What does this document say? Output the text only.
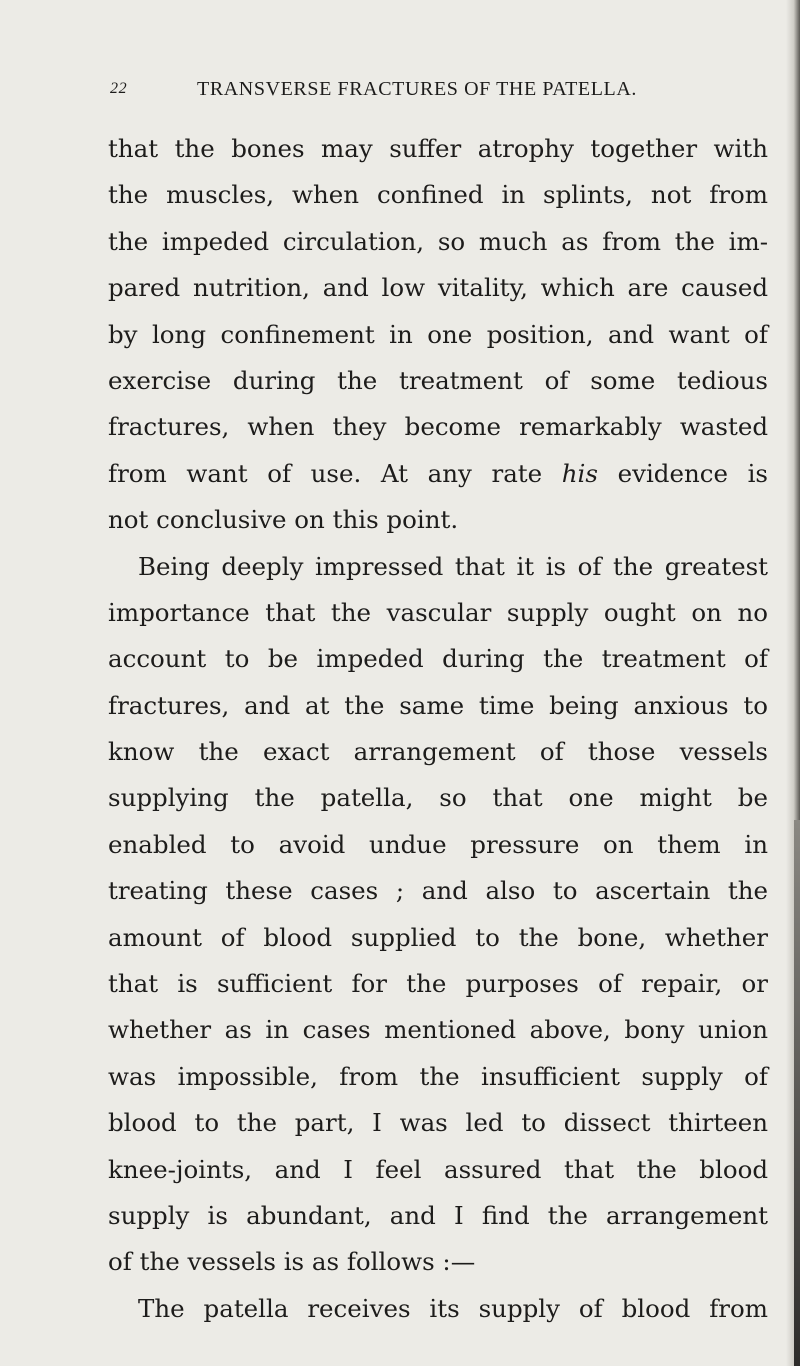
22	TRANSVERSE FRACTURES OF THE PATELLA.
that the bones may suffer atrophy together with
the muscles, when confined in splints, not from
the impeded circulation, so much as from the im-
pared nutrition, and low vitality, which are caused
by long confinement in one position, and want of
exercise during the treatment of some tedious
fractures, when they become remarkably wasted
from want of use. At any rate his evidence is
not conclusive on this point.
Being deeply impressed that it is of the greatest
importance that the vascular supply ought on no
account to be impeded during the treatment of
fractures, and at the same time being anxious to
know the exact arrangement of those vessels
supplying the patella, so that one might be
enabled to avoid undue pressure on them in
treating these cases ; and also to ascertain the
amount of blood supplied to the bone, whether
that is sufficient for the purposes of repair, or
whether as in cases mentioned above, bony union
was impossible, from the insufficient supply of
blood to the part, I was led to dissect thirteen
knee-joints, and I feel assured that the blood
supply is abundant, and I find the arrangement
of the vessels is as follows :—
The patella receives its supply of blood from
